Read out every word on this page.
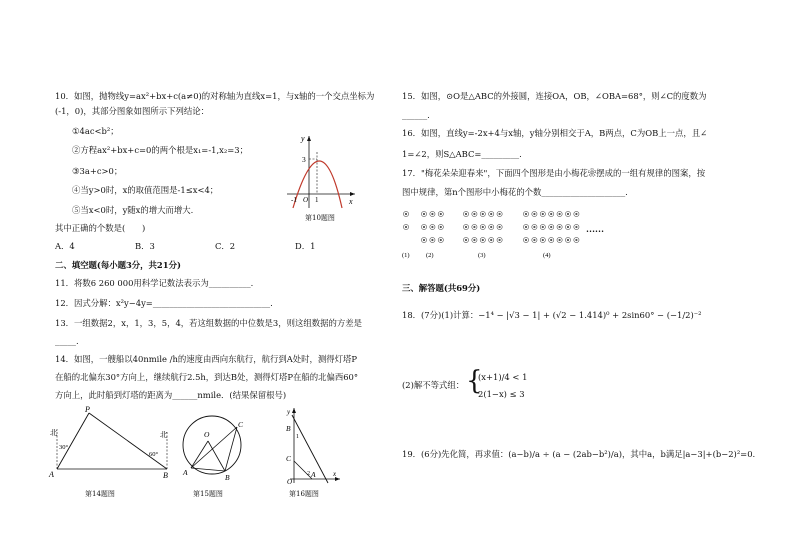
10．如图，抛物线y=ax²+bx+c(a≠0)的对称轴为直线x=1，与x轴的一个交点坐标为
(-1，0)，其部分图象如图所示下列结论：
①4ac<b²；
②方程ax²+bx+c=0的两个根是x₁=-1,x₂=3；
③3a+c>0；
④当y>0时，x的取值范围是-1≤x<4；
⑤当x<0时，y随x的增大而增大.
其中正确的个数是(　　)
A．4	B．3	C．2	D．1
y
x
3
-1 O 1
第10题图
二、填空题(每小题3分，共21分)
11．将数6 260 000用科学记数法表示为__________.
12．因式分解：x²y−4y=____________________________.
13．一组数据2，x，1，3，5，4，若这组数据的中位数是3，则这组数据的方差是
_____.
14．如图，一艘船以40nmile /h的速度由西向东航行，航行到A处时，测得灯塔P
在船的北偏东30°方向上，继续航行2.5h，到达B处，测得灯塔P在船的北偏西60°
方向上，此时船到灯塔的距离为______nmile．(结果保留根号)
北	北
P
A	B
30°
60°
第14题图
O
C
A
B
第15题图
y
x
B
C
A
O
1
2
第16题图
15．如图，⊙O是△ABC的外接圆，连接OA，OB，∠OBA=68°，则∠C的度数为
______.
16．如图，直线y=-2x+4与x轴，y轴分别相交于A，B两点，C为OB上一点，且∠
1=∠2，则S△ABC=_________.
17．"梅花朵朵迎春来"，下面四个图形是由小梅花❀摆成的一组有规律的图案，按
图中规律，第n个图形中小梅花的个数____________________.
……
(1)	(2)	(3)	(4)
三、解答题(共69分)
18．(7分)(1)计算：−1⁴ − |√3 − 1| + (√2 − 1.414)⁰ + 2sin60° − (−1/2)⁻²
(2)解不等式组： {
(x+1)/4 < 1
2(1−x) ≤ 3
19．(6分)先化简，再求值：(a−b)/a ÷ (a − (2ab−b²)/a)，其中a，b满足|a−3|+(b−2)²=0.
